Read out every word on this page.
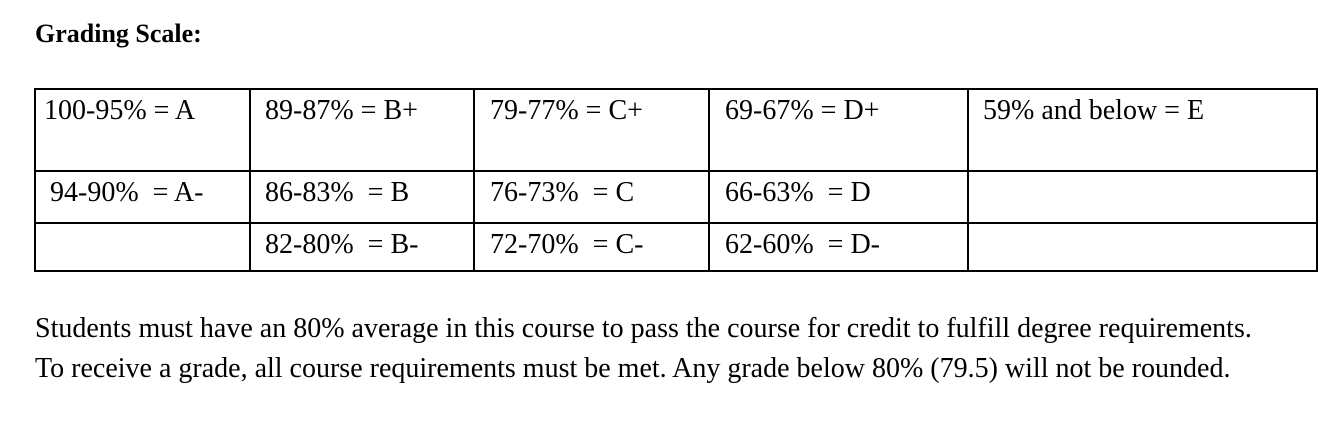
Grading Scale:
100-95% = A	89-87% = B+	79-77% = C+	69-67% = D+	59% and below = E
94-90%  = A-	86-83%  = B	76-73%  = C	66-63%  = D	
	82-80%  = B-	72-70%  = C-	62-60%  = D-	

Students must have an 80% average in this course to pass the course for credit to fulfill degree requirements. To receive a grade, all course requirements must be met. Any grade below 80% (79.5) will not be rounded.
